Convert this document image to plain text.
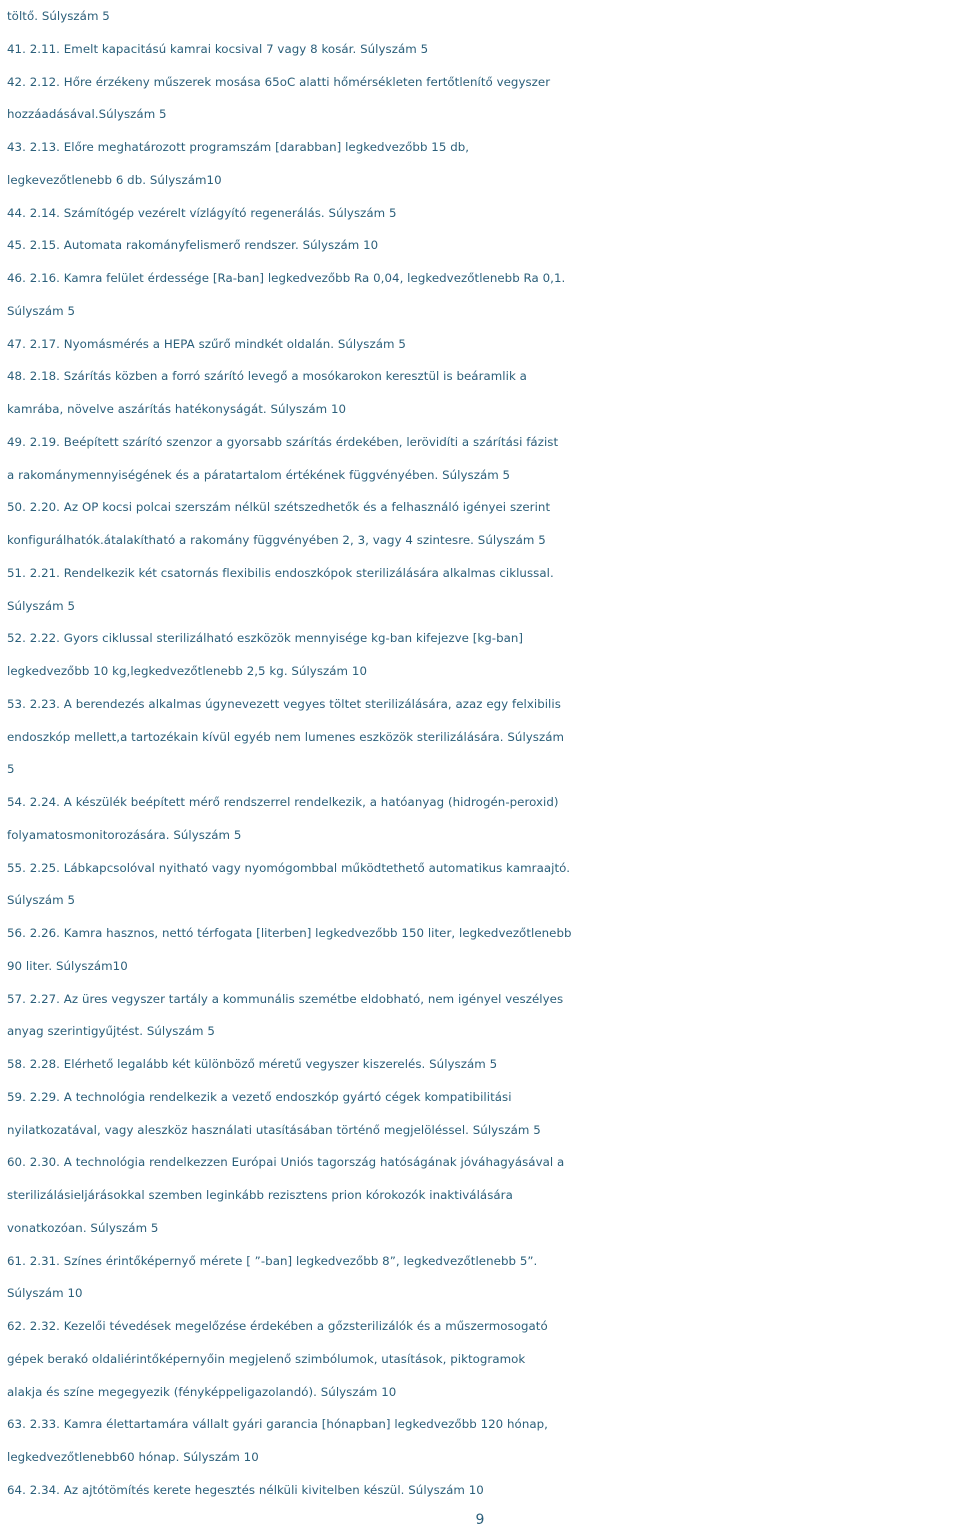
töltő. Súlyszám 5
41. 2.11. Emelt kapacitású kamrai kocsival 7 vagy 8 kosár. Súlyszám 5
42. 2.12. Hőre érzékeny műszerek mosása 65oC alatti hőmérsékleten fertőtlenítő vegyszer
hozzáadásával.Súlyszám 5
43. 2.13. Előre meghatározott programszám [darabban] legkedvezőbb 15 db,
legkevezőtlenebb 6 db. Súlyszám10
44. 2.14. Számítógép vezérelt vízlágyító regenerálás. Súlyszám 5
45. 2.15. Automata rakományfelismerő rendszer. Súlyszám 10
46. 2.16. Kamra felület érdessége [Ra-ban] legkedvezőbb Ra 0,04, legkedvezőtlenebb Ra 0,1.
Súlyszám 5
47. 2.17. Nyomásmérés a HEPA szűrő mindkét oldalán. Súlyszám 5
48. 2.18. Szárítás közben a forró szárító levegő a mosókarokon keresztül is beáramlik a
kamrába, növelve aszárítás hatékonyságát. Súlyszám 10
49. 2.19. Beépített szárító szenzor a gyorsabb szárítás érdekében, lerövidíti a szárítási fázist
a rakománymennyiségének és a páratartalom értékének függvényében. Súlyszám 5
50. 2.20. Az OP kocsi polcai szerszám nélkül szétszedhetők és a felhasználó igényei szerint
konfigurálhatók.átalakítható a rakomány függvényében 2, 3, vagy 4 szintesre. Súlyszám 5
51. 2.21. Rendelkezik két csatornás flexibilis endoszkópok sterilizálására alkalmas ciklussal.
Súlyszám 5
52. 2.22. Gyors ciklussal sterilizálható eszközök mennyisége kg-ban kifejezve [kg-ban]
legkedvezőbb 10 kg,legkedvezőtlenebb 2,5 kg. Súlyszám 10
53. 2.23. A berendezés alkalmas úgynevezett vegyes töltet sterilizálására, azaz egy felxibilis
endoszkóp mellett,a tartozékain kívül egyéb nem lumenes eszközök sterilizálására. Súlyszám
5
54. 2.24. A készülék beépített mérő rendszerrel rendelkezik, a hatóanyag (hidrogén-peroxid)
folyamatosmonitorozására. Súlyszám 5
55. 2.25. Lábkapcsolóval nyitható vagy nyomógombbal működtethető automatikus kamraajtó.
Súlyszám 5
56. 2.26. Kamra hasznos, nettó térfogata [literben] legkedvezőbb 150 liter, legkedvezőtlenebb
90 liter. Súlyszám10
57. 2.27. Az üres vegyszer tartály a kommunális szemétbe eldobható, nem igényel veszélyes
anyag szerintigyűjtést. Súlyszám 5
58. 2.28. Elérhető legalább két különböző méretű vegyszer kiszerelés. Súlyszám 5
59. 2.29. A technológia rendelkezik a vezető endoszkóp gyártó cégek kompatibilitási
nyilatkozatával, vagy aleszköz használati utasításában történő megjelöléssel. Súlyszám 5
60. 2.30. A technológia rendelkezzen Európai Uniós tagország hatóságának jóváhagyásával a
sterilizálásieljárásokkal szemben leginkább rezisztens prion kórokozók inaktiválására
vonatkozóan. Súlyszám 5
61. 2.31. Színes érintőképernyő mérete [ ”-ban] legkedvezőbb 8”, legkedvezőtlenebb 5”.
Súlyszám 10
62. 2.32. Kezelői tévedések megelőzése érdekében a gőzsterilizálók és a műszermosogató
gépek berakó oldaliérintőképernyőin megjelenő szimbólumok, utasítások, piktogramok
alakja és színe megegyezik (fényképpeligazolandó). Súlyszám 10
63. 2.33. Kamra élettartamára vállalt gyári garancia [hónapban] legkedvezőbb 120 hónap,
legkedvezőtlenebb60 hónap. Súlyszám 10
64. 2.34. Az ajtótömítés kerete hegesztés nélküli kivitelben készül. Súlyszám 10
9
